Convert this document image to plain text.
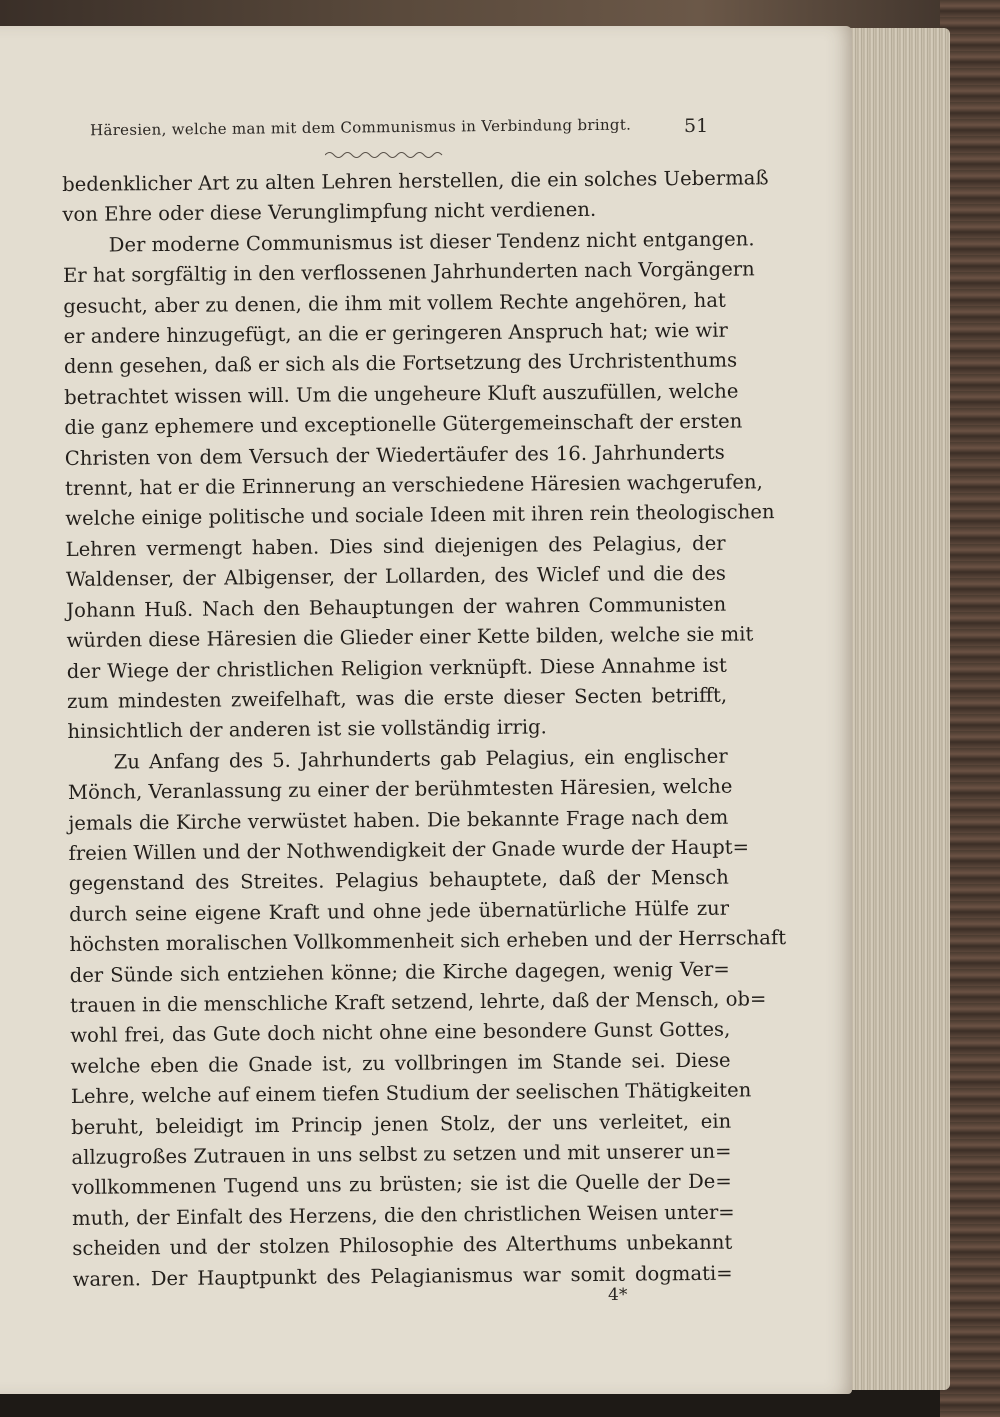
Häresien, welche man mit dem Communismus in Verbindung bringt.	51
bedenklicher Art zu alten Lehren herstellen, die ein solches Uebermaß
von Ehre oder diese Verunglimpfung nicht verdienen.
Der moderne Communismus ist dieser Tendenz nicht entgangen.
Er hat sorgfältig in den verflossenen Jahrhunderten nach Vorgängern
gesucht, aber zu denen, die ihm mit vollem Rechte angehören, hat
er andere hinzugefügt, an die er geringeren Anspruch hat; wie wir
denn gesehen, daß er sich als die Fortsetzung des Urchristenthums
betrachtet wissen will. Um die ungeheure Kluft auszufüllen, welche
die ganz ephemere und exceptionelle Gütergemeinschaft der ersten
Christen von dem Versuch der Wiedertäufer des 16. Jahrhunderts
trennt, hat er die Erinnerung an verschiedene Häresien wachgerufen,
welche einige politische und sociale Ideen mit ihren rein theologischen
Lehren vermengt haben. Dies sind diejenigen des Pelagius, der
Waldenser, der Albigenser, der Lollarden, des Wiclef und die des
Johann Huß. Nach den Behauptungen der wahren Communisten
würden diese Häresien die Glieder einer Kette bilden, welche sie mit
der Wiege der christlichen Religion verknüpft. Diese Annahme ist
zum mindesten zweifelhaft, was die erste dieser Secten betrifft,
hinsichtlich der anderen ist sie vollständig irrig.
Zu Anfang des 5. Jahrhunderts gab Pelagius, ein englischer
Mönch, Veranlassung zu einer der berühmtesten Häresien, welche
jemals die Kirche verwüstet haben. Die bekannte Frage nach dem
freien Willen und der Nothwendigkeit der Gnade wurde der Haupt=
gegenstand des Streites. Pelagius behauptete, daß der Mensch
durch seine eigene Kraft und ohne jede übernatürliche Hülfe zur
höchsten moralischen Vollkommenheit sich erheben und der Herrschaft
der Sünde sich entziehen könne; die Kirche dagegen, wenig Ver=
trauen in die menschliche Kraft setzend, lehrte, daß der Mensch, ob=
wohl frei, das Gute doch nicht ohne eine besondere Gunst Gottes,
welche eben die Gnade ist, zu vollbringen im Stande sei. Diese
Lehre, welche auf einem tiefen Studium der seelischen Thätigkeiten
beruht, beleidigt im Princip jenen Stolz, der uns verleitet, ein
allzugroßes Zutrauen in uns selbst zu setzen und mit unserer un=
vollkommenen Tugend uns zu brüsten; sie ist die Quelle der De=
muth, der Einfalt des Herzens, die den christlichen Weisen unter=
scheiden und der stolzen Philosophie des Alterthums unbekannt
waren. Der Hauptpunkt des Pelagianismus war somit dogmati=
4*
